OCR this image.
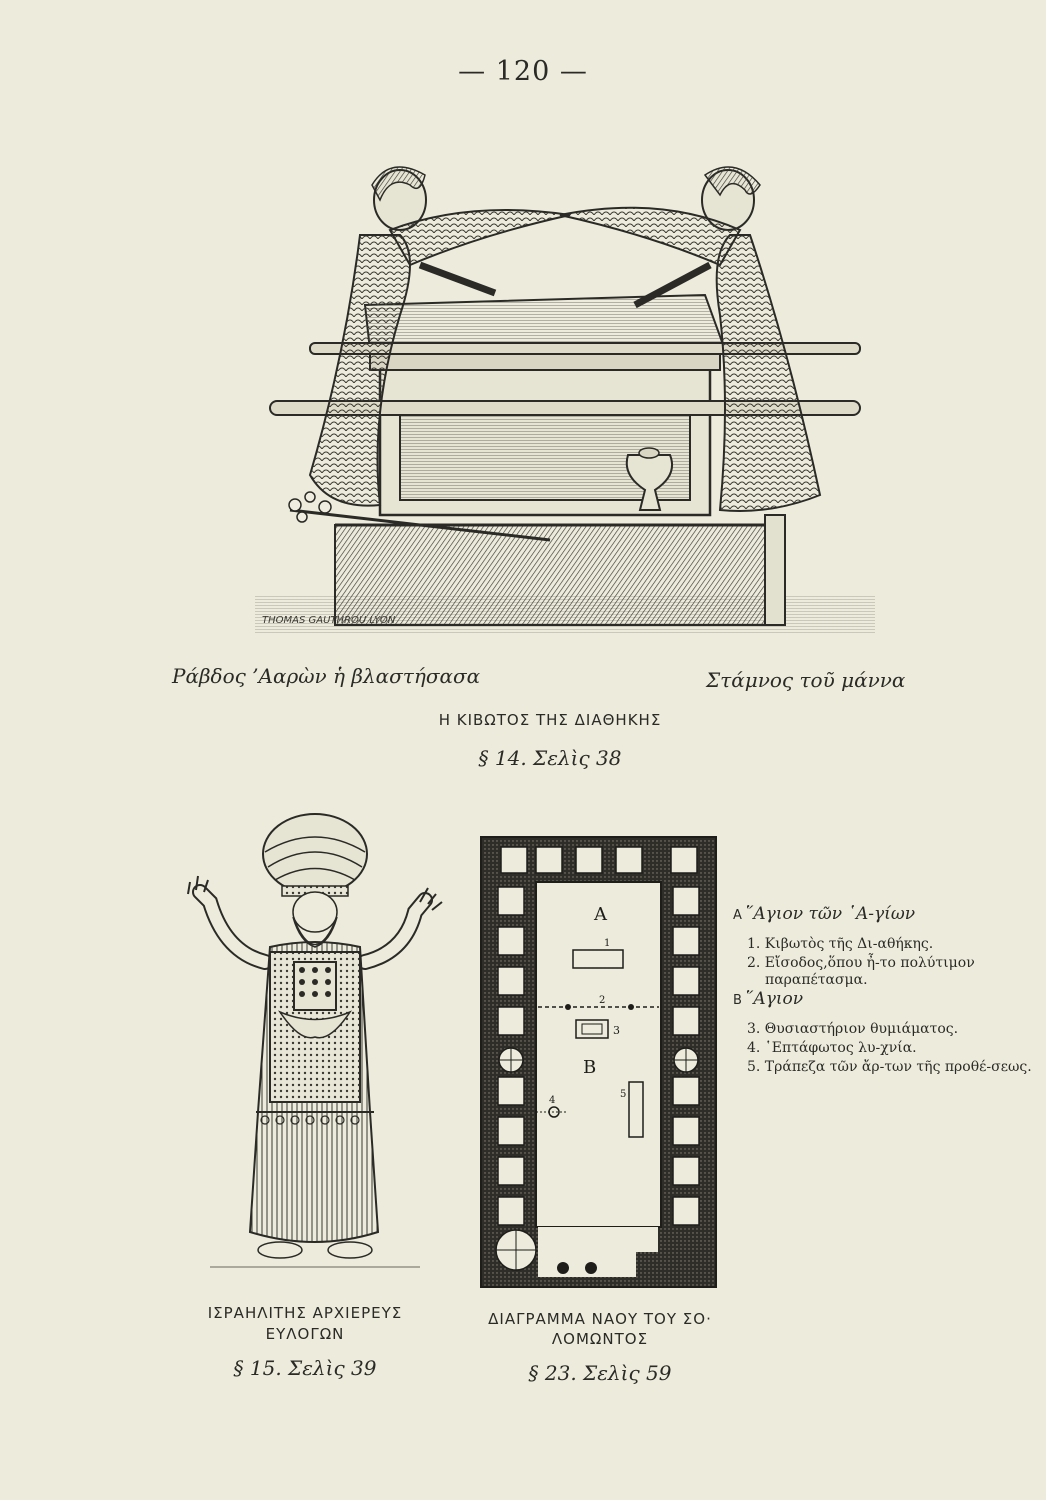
— 120 —
THOMAS GAUTHROU LYON
Ράβδος ’Ααρὼν ἡ βλαστήσασα	Στάμνος τοῦ μάννα
Η ΚΙΒΩΤΟΣ ΤΗΣ ΔΙΑΘΗΚΗΣ
§ 14. Σελὶς 38
ΙΣΡΑΗΛΙΤΗΣ ΑΡΧΙΕΡΕΥΣ
ΕΥΛΟΓΩΝ
§ 15. Σελὶς 39
A
B
1
2
3
4
5
ΔΙΑΓΡΑΜΜΑ ΝΑΟΥ ΤΟΥ ΣΟ·
ΛΟΜΩΝΤΟΣ
§ 23. Σελὶς 59
A ῞Αγιον τῶν ῾Α-γίων
1. Κιβωτὸς τῆς Δι-αθήκης.
2. Εἴσοδος,ὅπου ἦ-το πολύτιμον παραπέτασμα.
B ῞Αγιον
3. Θυσιαστήριον θυμιάματος.
4. ῾Επτάφωτος λυ-χνία.
5. Τράπεζα τῶν ἄρ-των τῆς προθέ-σεως.
